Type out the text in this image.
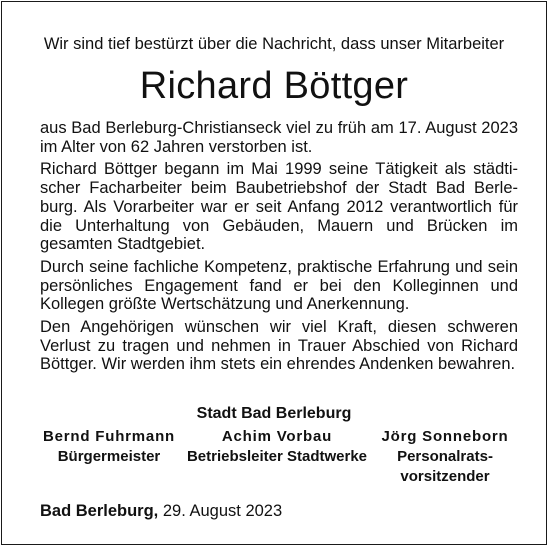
Wir sind tief bestürzt über die Nachricht, dass unser Mitarbeiter
Richard Böttger

aus Bad Berleburg-Christianseck viel zu früh am 17. August 2023 im Alter von 62 Jahren verstorben ist.

Richard Böttger begann im Mai 1999 seine Tätigkeit als städtischer Facharbeiter beim Baubetriebshof der Stadt Bad Berleburg. Als Vorarbeiter war er seit Anfang 2012 verantwortlich für die Unterhaltung von Gebäuden, Mauern und Brücken im gesamten Stadtgebiet.

Durch seine fachliche Kompetenz, praktische Erfahrung und sein persönliches Engagement fand er bei den Kolleginnen und Kollegen größte Wertschätzung und Anerkennung.

Den Angehörigen wünschen wir viel Kraft, diesen schweren Verlust zu tragen und nehmen in Trauer Abschied von Richard Böttger. Wir werden ihm stets ein ehrendes Andenken bewahren.

Stadt Bad Berleburg
Bernd Fuhrmann
Bürgermeister
Achim Vorbau
Betriebsleiter Stadtwerke
Jörg Sonneborn
Personalrats-
vorsitzender
Bad Berleburg, 29. August 2023
